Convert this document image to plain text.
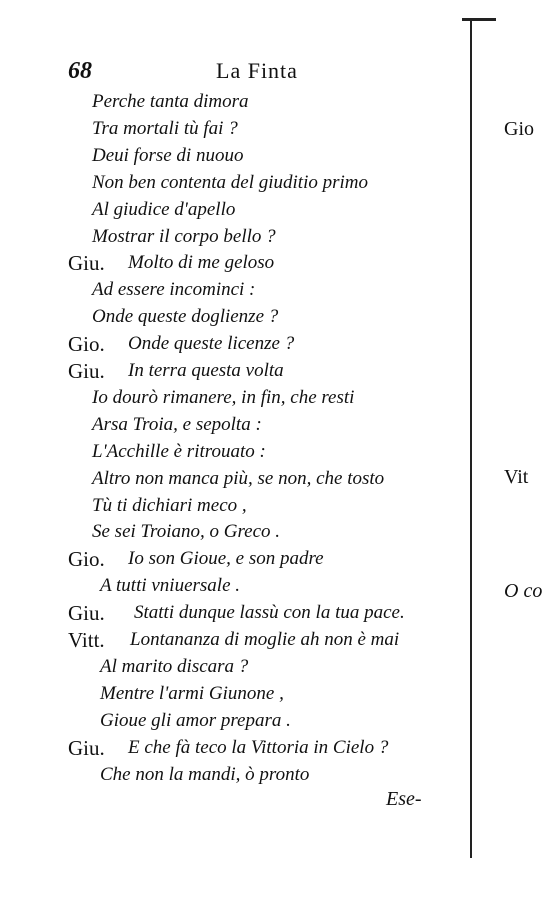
68	La Finta
Perche tanta dimora
Tra mortali tù fai ?
Deui forse di nuouo
Non ben contenta del giuditio primo
Al giudice d'apello
Mostrar il corpo bello ?
Giu. Molto di me geloso
Ad essere incominci :
Onde queste doglienze ?
Gio. Onde queste licenze ?
Giu. In terra questa volta
Io dourò rimanere, in fin, che resti
Arsa Troia, e sepolta :
L'Acchille è ritrouato :
Altro non manca più, se non, che tosto
Tù ti dichiari meco ,
Se sei Troiano, o Greco .
Gio. Io son Gioue, e son padre
A tutti vniuersale .
Giu. Statti dunque lassù con la tua pace.
Vitt. Lontananza di moglie ah non è mai
Al marito discara ?
Mentre l'armi Giunone ,
Gioue gli amor prepara .
Giu. E che fà teco la Vittoria in Cielo ?
Che non la mandi, ò pronto
Ese-
Gio
Vit
O co
